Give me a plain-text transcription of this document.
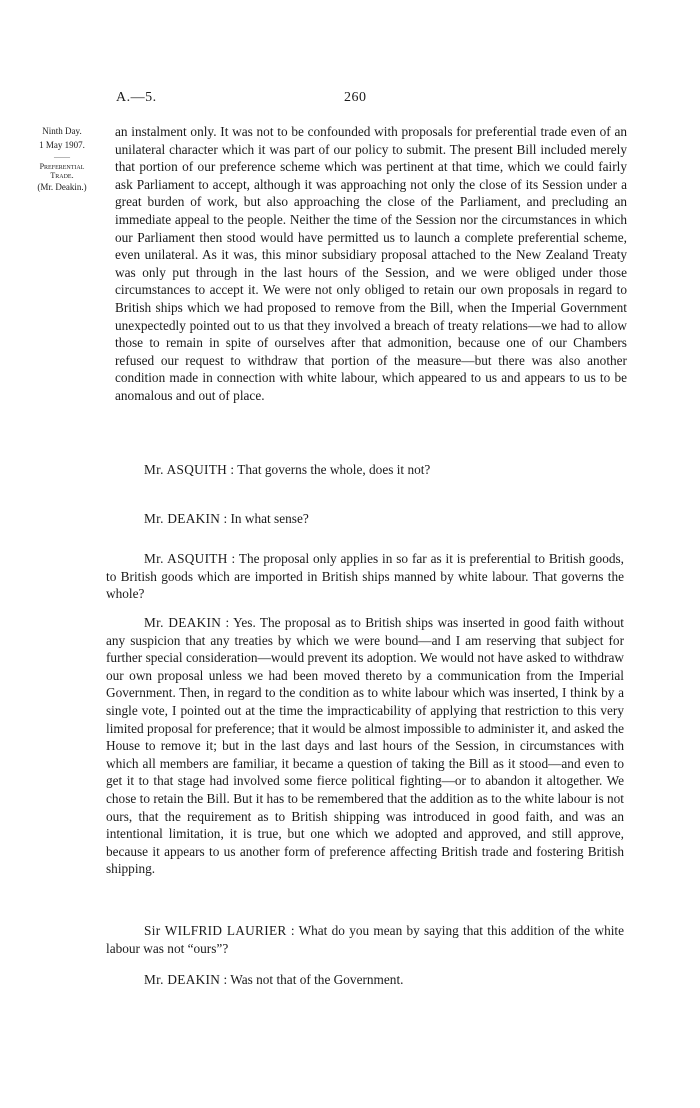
A.—5.	260
Ninth Day.
1 May 1907.
——
Preferential
Trade.
(Mr. Deakin.)

an instalment only. It was not to be confounded with proposals for preferential trade even of an unilateral character which it was part of our policy to submit. The present Bill included merely that portion of our preference scheme which was pertinent at that time, which we could fairly ask Parliament to accept, although it was approaching not only the close of its Session under a great burden of work, but also approaching the close of the Parliament, and precluding an immediate appeal to the people. Neither the time of the Session nor the circumstances in which our Parliament then stood would have permitted us to launch a complete preferential scheme, even unilateral. As it was, this minor subsidiary proposal attached to the New Zealand Treaty was only put through in the last hours of the Session, and we were obliged under those circumstances to accept it. We were not only obliged to retain our own proposals in regard to British ships which we had proposed to remove from the Bill, when the Imperial Government unexpectedly pointed out to us that they involved a breach of treaty relations—we had to allow those to remain in spite of ourselves after that admonition, because one of our Chambers refused our request to withdraw that portion of the measure—but there was also another condition made in connection with white labour, which appeared to us and appears to us to be anomalous and out of place.

Mr. ASQUITH : That governs the whole, does it not?

Mr. DEAKIN : In what sense?

Mr. ASQUITH : The proposal only applies in so far as it is preferential to British goods, to British goods which are imported in British ships manned by white labour. That governs the whole?

Mr. DEAKIN : Yes. The proposal as to British ships was inserted in good faith without any suspicion that any treaties by which we were bound—and I am reserving that subject for further special consideration—would prevent its adoption. We would not have asked to withdraw our own proposal unless we had been moved thereto by a communication from the Imperial Government. Then, in regard to the condition as to white labour which was inserted, I think by a single vote, I pointed out at the time the impracticability of applying that restriction to this very limited proposal for preference; that it would be almost impossible to administer it, and asked the House to remove it; but in the last days and last hours of the Session, in circumstances with which all members are familiar, it became a question of taking the Bill as it stood—and even to get it to that stage had involved some fierce political fighting—or to abandon it altogether. We chose to retain the Bill. But it has to be remembered that the addition as to the white labour is not ours, that the requirement as to British shipping was introduced in good faith, and was an intentional limitation, it is true, but one which we adopted and approved, and still approve, because it appears to us another form of preference affecting British trade and fostering British shipping.

Sir WILFRID LAURIER : What do you mean by saying that this addition of the white labour was not “ours”?

Mr. DEAKIN : Was not that of the Government.
